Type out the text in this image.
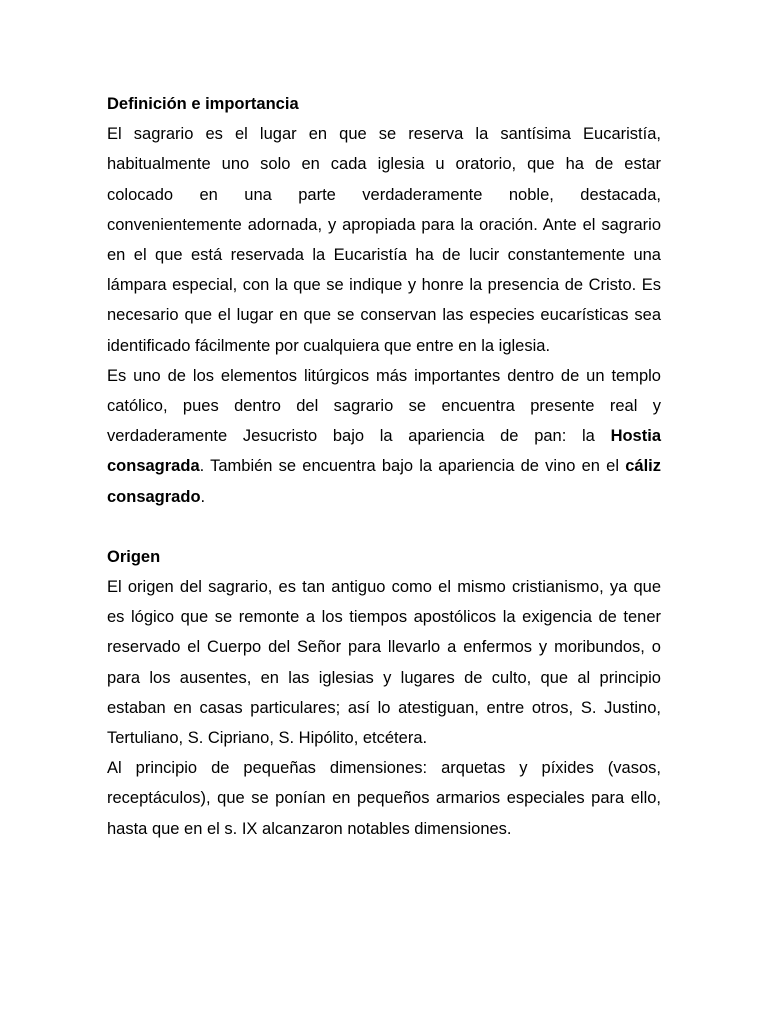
Definición e importancia

El sagrario es el lugar en que se reserva la santísima Eucaristía, habitualmente uno solo en cada iglesia u oratorio, que ha de estar colocado en una parte verdaderamente noble, destacada, convenientemente adornada, y apropiada para la oración. Ante el sagrario en el que está reservada la Eucaristía ha de lucir constantemente una lámpara especial, con la que se indique y honre la presencia de Cristo. Es necesario que el lugar en que se conservan las especies eucarísticas sea identificado fácilmente por cualquiera que entre en la iglesia.

Es uno de los elementos litúrgicos más importantes dentro de un templo católico, pues dentro del sagrario se encuentra presente real y verdaderamente Jesucristo bajo la apariencia de pan: la Hostia consagrada. También se encuentra bajo la apariencia de vino en el cáliz consagrado.

Origen

El origen del sagrario, es tan antiguo como el mismo cristianismo, ya que es lógico que se remonte a los tiempos apostólicos la exigencia de tener reservado el Cuerpo del Señor para llevarlo a enfermos y moribundos, o para los ausentes, en las iglesias y lugares de culto, que al principio estaban en casas particulares; así lo atestiguan, entre otros, S. Justino, Tertuliano, S. Cipriano, S. Hipólito, etcétera.

Al principio de pequeñas dimensiones: arquetas y píxides (vasos, receptáculos), que se ponían en pequeños armarios especiales para ello, hasta que en el s. IX alcanzaron notables dimensiones.
